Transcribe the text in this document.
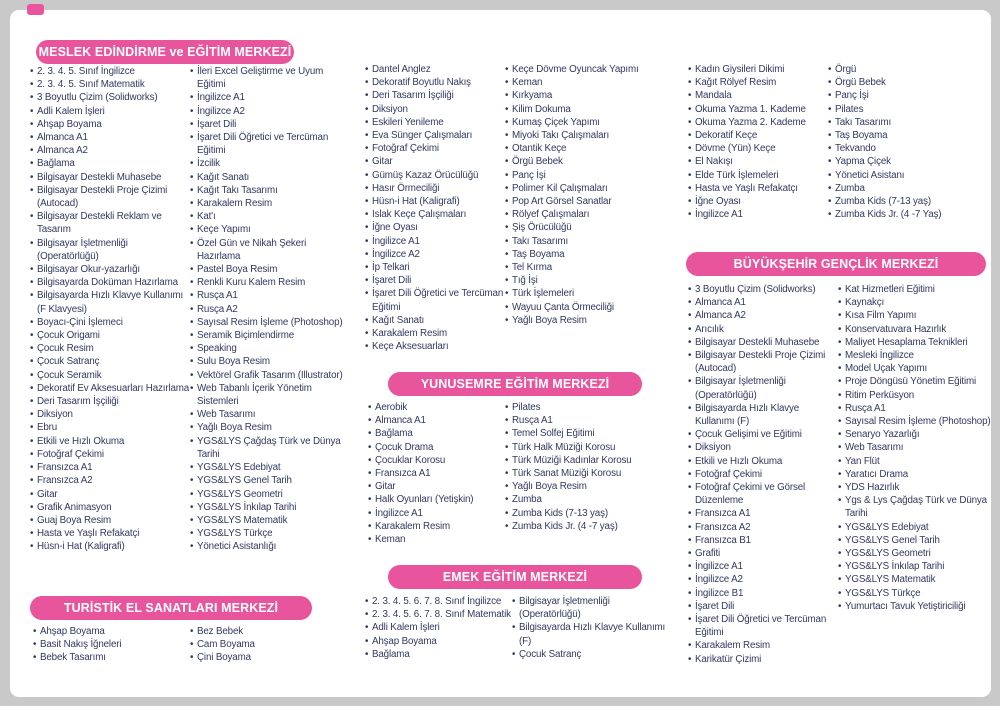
MESLEK EDİNDİRME ve EĞİTİM MERKEZİ
• 2. 3. 4. 5. Sınıf İngilizce
• 2. 3. 4. 5. Sınıf Matematik
• 3 Boyutlu Çizim (Solidworks)
• Adli Kalem İşleri
• Ahşap Boyama
• Almanca A1
• Almanca A2
• Bağlama
• Bilgisayar Destekli Muhasebe
• Bilgisayar Destekli Proje Çizimi (Autocad)
• Bilgisayar Destekli Reklam ve Tasarım
• Bilgisayar İşletmenliği (Operatörlüğü)
• Bilgisayar Okur-yazarlığı
• Bilgisayarda Doküman Hazırlama
• Bilgisayarda Hızlı Klavye Kullanımı (F Klavyesi)
• Boyacı-Çini İşlemeci
• Çocuk Origami
• Çocuk Resim
• Çocuk Satranç
• Çocuk Seramik
• Dekoratif Ev Aksesuarları Hazırlama
• Deri Tasarım İşçiliği
• Diksiyon
• Ebru
• Etkili ve Hızlı Okuma
• Fotoğraf Çekimi
• Fransızca A1
• Fransızca A2
• Gitar
• Grafik Animasyon
• Guaj Boya Resim
• Hasta ve Yaşlı Refakatçi
• Hüsn-i Hat (Kaligrafi)
• İleri Excel Geliştirme ve Uyum Eğitimi
• İngilizce A1
• İngilizce A2
• İşaret Dili
• İşaret Dili Öğretici ve Tercüman Eğitimi
• İzcilik
• Kağıt Sanatı
• Kağıt Takı Tasarımı
• Karakalem Resim
• Kat'ı
• Keçe Yapımı
• Özel Gün ve Nikah Şekeri Hazırlama
• Pastel Boya Resim
• Renkli Kuru Kalem Resim
• Rusça A1
• Rusça A2
• Sayısal Resim İşleme (Photoshop)
• Seramik Biçimlendirme
• Speaking
• Sulu Boya Resim
• Vektörel Grafik Tasarım (Illustrator)
• Web Tabanlı İçerik Yönetim Sistemleri
• Web Tasarımı
• Yağlı Boya Resim
• YGS&LYS Çağdaş Türk ve Dünya Tarihi
• YGS&LYS Edebiyat
• YGS&LYS Genel Tarih
• YGS&LYS Geometri
• YGS&LYS İnkılap Tarihi
• YGS&LYS Matematik
• YGS&LYS Türkçe
• Yönetici Asistanlığı
TURİSTİK EL SANATLARI MERKEZİ
• Ahşap Boyama
• Basit Nakış İğneleri
• Bebek Tasarımı
• Bez Bebek
• Cam Boyama
• Çini Boyama
• Dantel Anglez
• Dekoratif Boyutlu Nakış
• Deri Tasarım İşçiliği
• Diksiyon
• Eskileri Yenileme
• Eva Sünger Çalışmaları
• Fotoğraf Çekimi
• Gitar
• Gümüş Kazaz Örücülüğü
• Hasır Örmeciliği
• Hüsn-i Hat (Kaligrafi)
• Islak Keçe Çalışmaları
• İğne Oyası
• İngilizce A1
• İngilizce A2
• İp Telkari
• İşaret Dili
• İşaret Dili Öğretici ve Tercüman Eğitimi
• Kağıt Sanatı
• Karakalem Resim
• Keçe Aksesuarları
• Keçe Dövme Oyuncak Yapımı
• Keman
• Kırkyama
• Kilim Dokuma
• Kumaş Çiçek Yapımı
• Miyoki Takı Çalışmaları
• Otantik Keçe
• Örgü Bebek
• Panç İşi
• Polimer Kil Çalışmaları
• Pop Art Görsel Sanatlar
• Rölyef Çalışmaları
• Şiş Örücülüğü
• Takı Tasarımı
• Taş Boyama
• Tel Kırma
• Tığ İşi
• Türk İşlemeleri
• Wayuu Çanta Örmeciliği
• Yağlı Boya Resim
YUNUSEMRE EĞİTİM MERKEZİ
• Aerobik
• Almanca A1
• Bağlama
• Çocuk Drama
• Çocuklar Korosu
• Fransızca A1
• Gitar
• Halk Oyunları (Yetişkin)
• İngilizce A1
• Karakalem Resim
• Keman
• Pilates
• Rusça A1
• Temel Solfej Eğitimi
• Türk Halk Müziği Korosu
• Türk Müziği Kadınlar Korosu
• Türk Sanat Müziği Korosu
• Yağlı Boya Resim
• Zumba
• Zumba Kids (7-13 yaş)
• Zumba Kids Jr. (4 -7 yaş)
EMEK EĞİTİM MERKEZİ
• 2. 3. 4. 5. 6. 7. 8. Sınıf İngilizce
• 2. 3. 4. 5. 6. 7. 8. Sınıf Matematik
• Adli Kalem İşleri
• Ahşap Boyama
• Bağlama
• Bilgisayar İşletmenliği (Operatörlüğü)
• Bilgisayarda Hızlı Klavye Kullanımı (F)
• Çocuk Satranç
• Kadın Giysileri Dikimi
• Kağıt Rölyef Resim
• Mandala
• Okuma Yazma 1. Kademe
• Okuma Yazma 2. Kademe
• Dekoratif Keçe
• Dövme (Yün) Keçe
• El Nakışı
• Elde Türk İşlemeleri
• Hasta ve Yaşlı Refakatçı
• İğne Oyası
• İngilizce A1
• Örgü
• Örgü Bebek
• Panç İşi
• Pilates
• Takı Tasarımı
• Taş Boyama
• Tekvando
• Yapma Çiçek
• Yönetici Asistanı
• Zumba
• Zumba Kids (7-13 yaş)
• Zumba Kids Jr. (4 -7 Yaş)
BÜYÜKŞEHİR GENÇLİK MERKEZİ
• 3 Boyutlu Çizim (Solidworks)
• Almanca A1
• Almanca A2
• Arıcılık
• Bilgisayar Destekli Muhasebe
• Bilgisayar Destekli Proje Çizimi (Autocad)
• Bilgisayar İşletmenliği (Operatörlüğü)
• Bilgisayarda Hızlı Klavye Kullanımı (F)
• Çocuk Gelişimi ve Eğitimi
• Diksiyon
• Etkili ve Hızlı Okuma
• Fotoğraf Çekimi
• Fotoğraf Çekimi ve Görsel Düzenleme
• Fransızca A1
• Fransızca A2
• Fransızca B1
• Grafiti
• İngilizce A1
• İngilizce A2
• İngilizce B1
• İşaret Dili
• İşaret Dili Öğretici ve Tercüman Eğitimi
• Karakalem Resim
• Karikatür Çizimi
• Kat Hizmetleri Eğitimi
• Kaynakçı
• Kısa Film Yapımı
• Konservatuvara Hazırlık
• Maliyet Hesaplama Teknikleri
• Mesleki İngilizce
• Model Uçak Yapımı
• Proje Döngüsü Yönetim Eğitimi
• Ritim Perküsyon
• Rusça A1
• Sayısal Resim İşleme (Photoshop)
• Senaryo Yazarlığı
• Web Tasarımı
• Yan Flüt
• Yaratıcı Drama
• YDS Hazırlık
• Ygs & Lys Çağdaş Türk ve Dünya Tarihi
• YGS&LYS Edebiyat
• YGS&LYS Genel Tarih
• YGS&LYS Geometri
• YGS&LYS İnkılap Tarihi
• YGS&LYS Matematik
• YGS&LYS Türkçe
• Yumurtacı Tavuk Yetiştiriciliği
